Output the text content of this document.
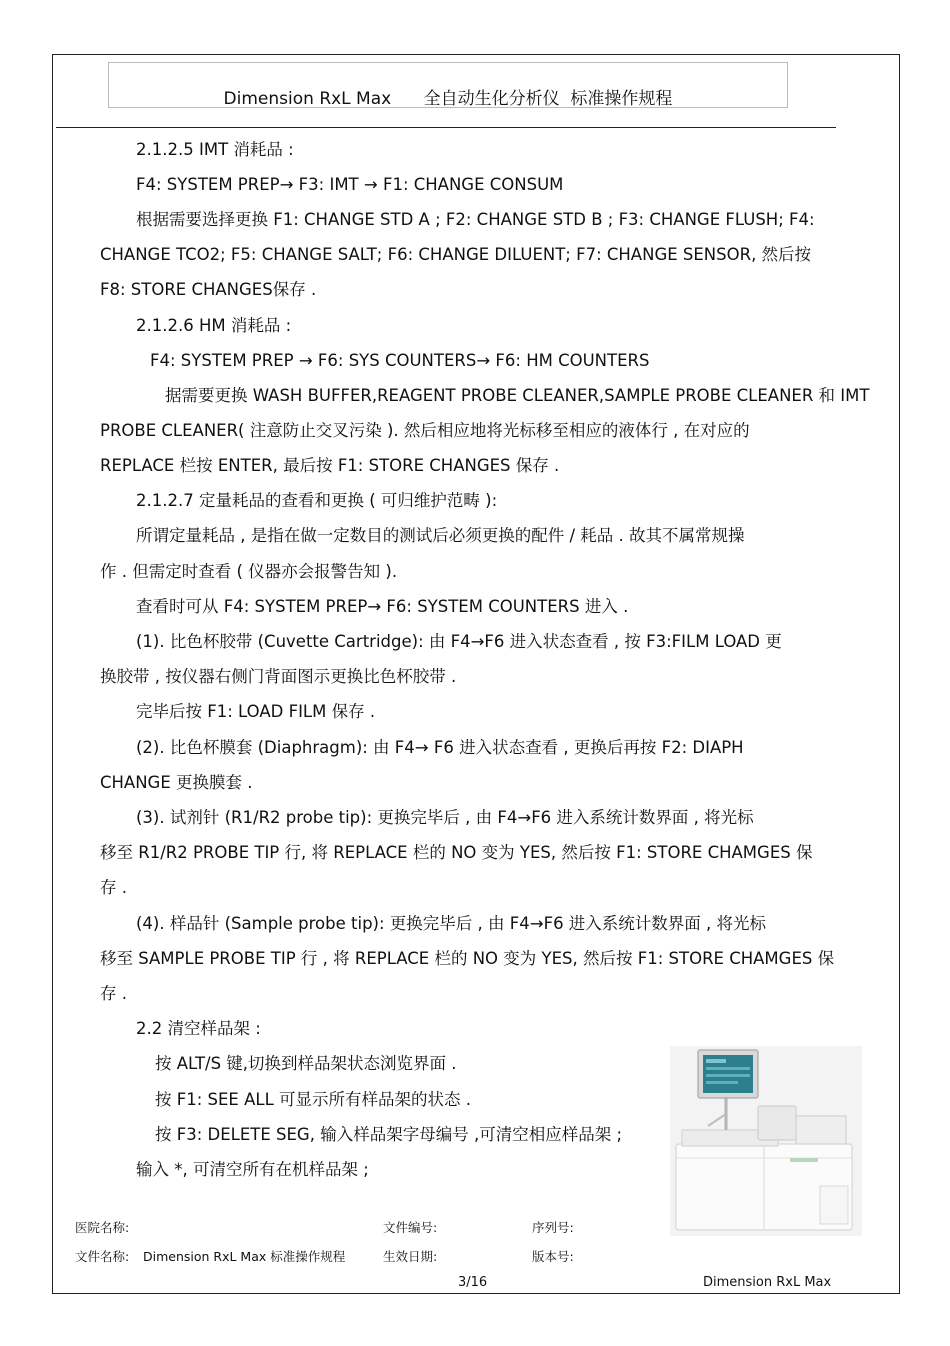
Dimension RxL Max      全自动生化分析仪  标准操作规程
2.1.2.5 IMT 消耗品 :
F4: SYSTEM PREP→ F3: IMT → F1: CHANGE CONSUM
根据需要选择更换 F1: CHANGE STD A ; F2: CHANGE STD B ; F3: CHANGE FLUSH; F4:
CHANGE TCO2; F5: CHANGE SALT; F6: CHANGE DILUENT; F7: CHANGE SENSOR, 然后按
F8: STORE CHANGES保存 .
2.1.2.6 HM 消耗品 :
F4: SYSTEM PREP → F6: SYS COUNTERS→ F6: HM COUNTERS
据需要更换 WASH BUFFER,REAGENT PROBE CLEANER,SAMPLE PROBE CLEANER 和 IMT
PROBE CLEANER( 注意防止交叉污染 ). 然后相应地将光标移至相应的液体行 , 在对应的
REPLACE 栏按 ENTER, 最后按 F1: STORE CHANGES 保存 .
2.1.2.7 定量耗品的查看和更换 ( 可归维护范畴 ):
所谓定量耗品 , 是指在做一定数目的测试后必须更换的配件 / 耗品 . 故其不属常规操
作 . 但需定时查看 ( 仪器亦会报警告知 ).
查看时可从 F4: SYSTEM PREP→ F6: SYSTEM COUNTERS 进入 .
(1). 比色杯胶带 (Cuvette Cartridge): 由 F4→F6 进入状态查看 , 按 F3:FILM LOAD 更
换胶带 , 按仪器右侧门背面图示更换比色杯胶带 .
完毕后按 F1: LOAD FILM 保存 .
(2). 比色杯膜套 (Diaphragm): 由 F4→ F6 进入状态查看 , 更换后再按 F2: DIAPH
CHANGE 更换膜套 .
(3). 试剂针 (R1/R2 probe tip): 更换完毕后 , 由 F4→F6 进入系统计数界面 , 将光标
移至 R1/R2 PROBE TIP 行, 将 REPLACE 栏的 NO 变为 YES, 然后按 F1: STORE CHAMGES 保
存 .
(4). 样品针 (Sample probe tip): 更换完毕后 , 由 F4→F6 进入系统计数界面 , 将光标
移至 SAMPLE PROBE TIP 行 , 将 REPLACE 栏的 NO 变为 YES, 然后按 F1: STORE CHAMGES 保
存 .
2.2 清空样品架 :
按 ALT/S 键,切换到样品架状态浏览界面 .
按 F1: SEE ALL 可显示所有样品架的状态 .
按 F3: DELETE SEG, 输入样品架字母编号 ,可清空相应样品架 ;
输入 *, 可清空所有在机样品架 ;
医院名称:	文件编号:	序列号:
文件名称: Dimension RxL Max 标准操作规程	生效日期:	版本号:
3/16	Dimension RxL Max
